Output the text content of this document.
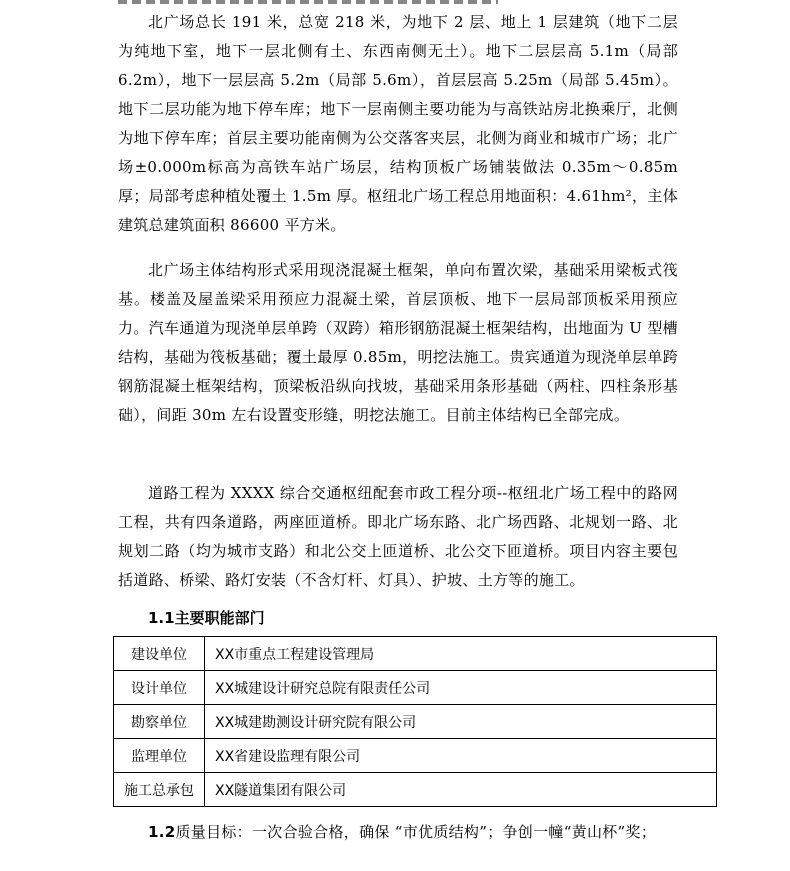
北广场总长 191 米，总宽 218 米，为地下 2 层、地上 1 层建筑（地下二层为纯地下室，地下一层北侧有土、东西南侧无土）。地下二层层高 5.1m（局部 6.2m），地下一层层高 5.2m（局部 5.6m），首层层高 5.25m（局部 5.45m）。地下二层功能为地下停车库；地下一层南侧主要功能为与高铁站房北换乘厅，北侧为地下停车库；首层主要功能南侧为公交落客夹层，北侧为商业和城市广场；北广场±0.000m标高为高铁车站广场层，结构顶板广场铺装做法 0.35m～0.85m 厚；局部考虑种植处覆土 1.5m 厚。枢纽北广场工程总用地面积：4.61hm²，主体建筑总建筑面积 86600 平方米。

北广场主体结构形式采用现浇混凝土框架，单向布置次梁，基础采用梁板式筏基。楼盖及屋盖梁采用预应力混凝土梁，首层顶板、地下一层局部顶板采用预应力。汽车通道为现浇单层单跨（双跨）箱形钢筋混凝土框架结构，出地面为 U 型槽结构，基础为筏板基础；覆土最厚 0.85m，明挖法施工。贵宾通道为现浇单层单跨钢筋混凝土框架结构，顶梁板沿纵向找坡，基础采用条形基础（两柱、四柱条形基础），间距 30m 左右设置变形缝，明挖法施工。目前主体结构已全部完成。

道路工程为 XXXX 综合交通枢纽配套市政工程分项--枢纽北广场工程中的路网工程，共有四条道路，两座匝道桥。即北广场东路、北广场西路、北规划一路、北规划二路（均为城市支路）和北公交上匝道桥、北公交下匝道桥。项目内容主要包括道路、桥梁、路灯安装（不含灯杆、灯具）、护坡、土方等的施工。

1.1主要职能部门

建设单位	XX市重点工程建设管理局
设计单位	XX城建设计研究总院有限责任公司
勘察单位	XX城建勘测设计研究院有限公司
监理单位	XX省建设监理有限公司
施工总承包	XX隧道集团有限公司

1.2质量目标：一次合验合格，确保 “市优质结构”；争创一幢“黄山杯”奖；
